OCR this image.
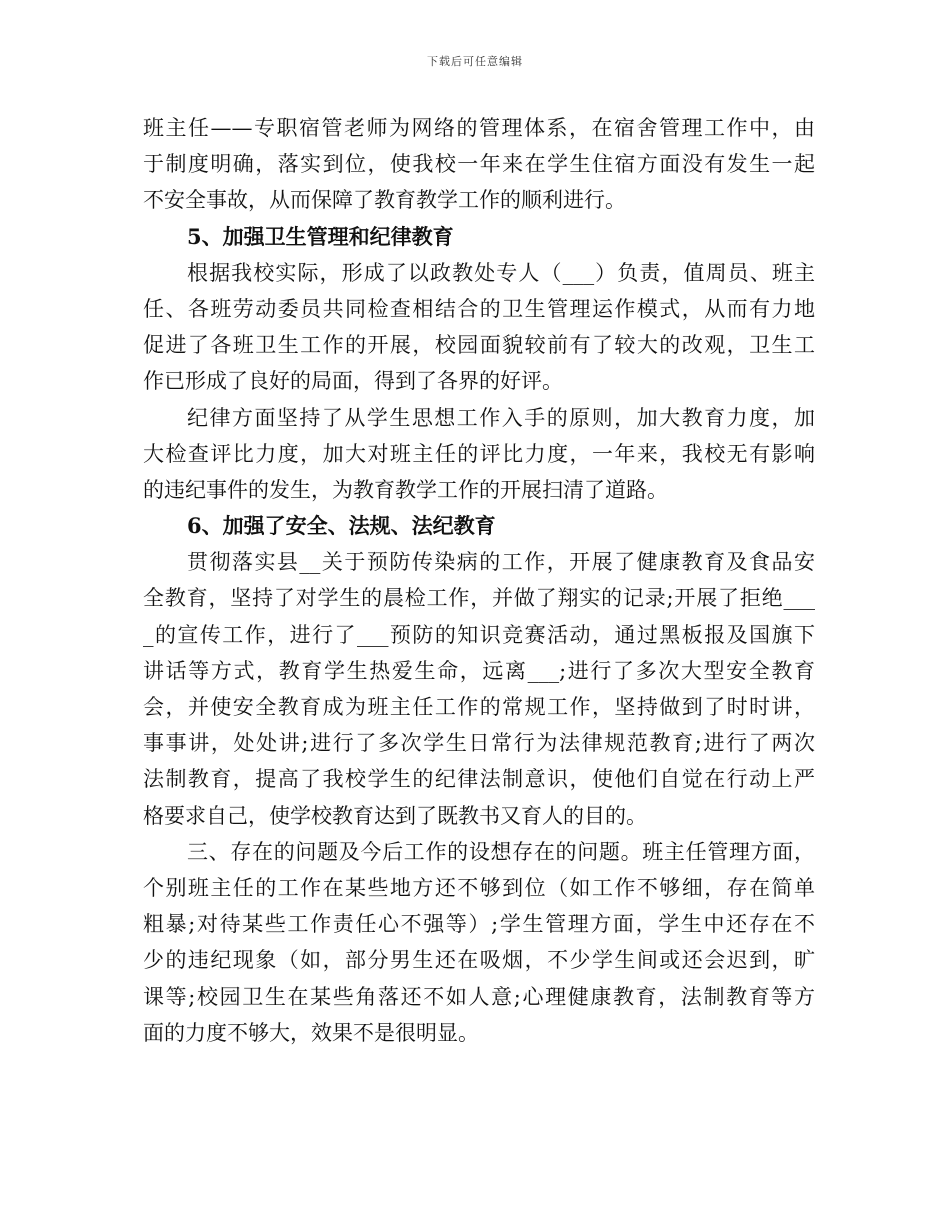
下载后可任意编辑
班主任——专职宿管老师为网络的管理体系，在宿舍管理工作中，由
于制度明确，落实到位，使我校一年来在学生住宿方面没有发生一起
不安全事故，从而保障了教育教学工作的顺利进行。
5、加强卫生管理和纪律教育
根据我校实际，形成了以政教处专人（___）负责，值周员、班主
任、各班劳动委员共同检查相结合的卫生管理运作模式，从而有力地
促进了各班卫生工作的开展，校园面貌较前有了较大的改观，卫生工
作已形成了良好的局面，得到了各界的好评。
纪律方面坚持了从学生思想工作入手的原则，加大教育力度，加
大检查评比力度，加大对班主任的评比力度，一年来，我校无有影响
的违纪事件的发生，为教育教学工作的开展扫清了道路。
6、加强了安全、法规、法纪教育
贯彻落实县__关于预防传染病的工作，开展了健康教育及食品安
全教育，坚持了对学生的晨检工作，并做了翔实的记录;开展了拒绝___
_的宣传工作，进行了___预防的知识竞赛活动，通过黑板报及国旗下
讲话等方式，教育学生热爱生命，远离___;进行了多次大型安全教育
会，并使安全教育成为班主任工作的常规工作，坚持做到了时时讲，
事事讲，处处讲;进行了多次学生日常行为法律规范教育;进行了两次
法制教育，提高了我校学生的纪律法制意识，使他们自觉在行动上严
格要求自己，使学校教育达到了既教书又育人的目的。
三、存在的问题及今后工作的设想存在的问题。班主任管理方面，
个别班主任的工作在某些地方还不够到位（如工作不够细，存在简单
粗暴;对待某些工作责任心不强等）;学生管理方面，学生中还存在不
少的违纪现象（如，部分男生还在吸烟，不少学生间或还会迟到，旷
课等;校园卫生在某些角落还不如人意;心理健康教育，法制教育等方
面的力度不够大，效果不是很明显。
